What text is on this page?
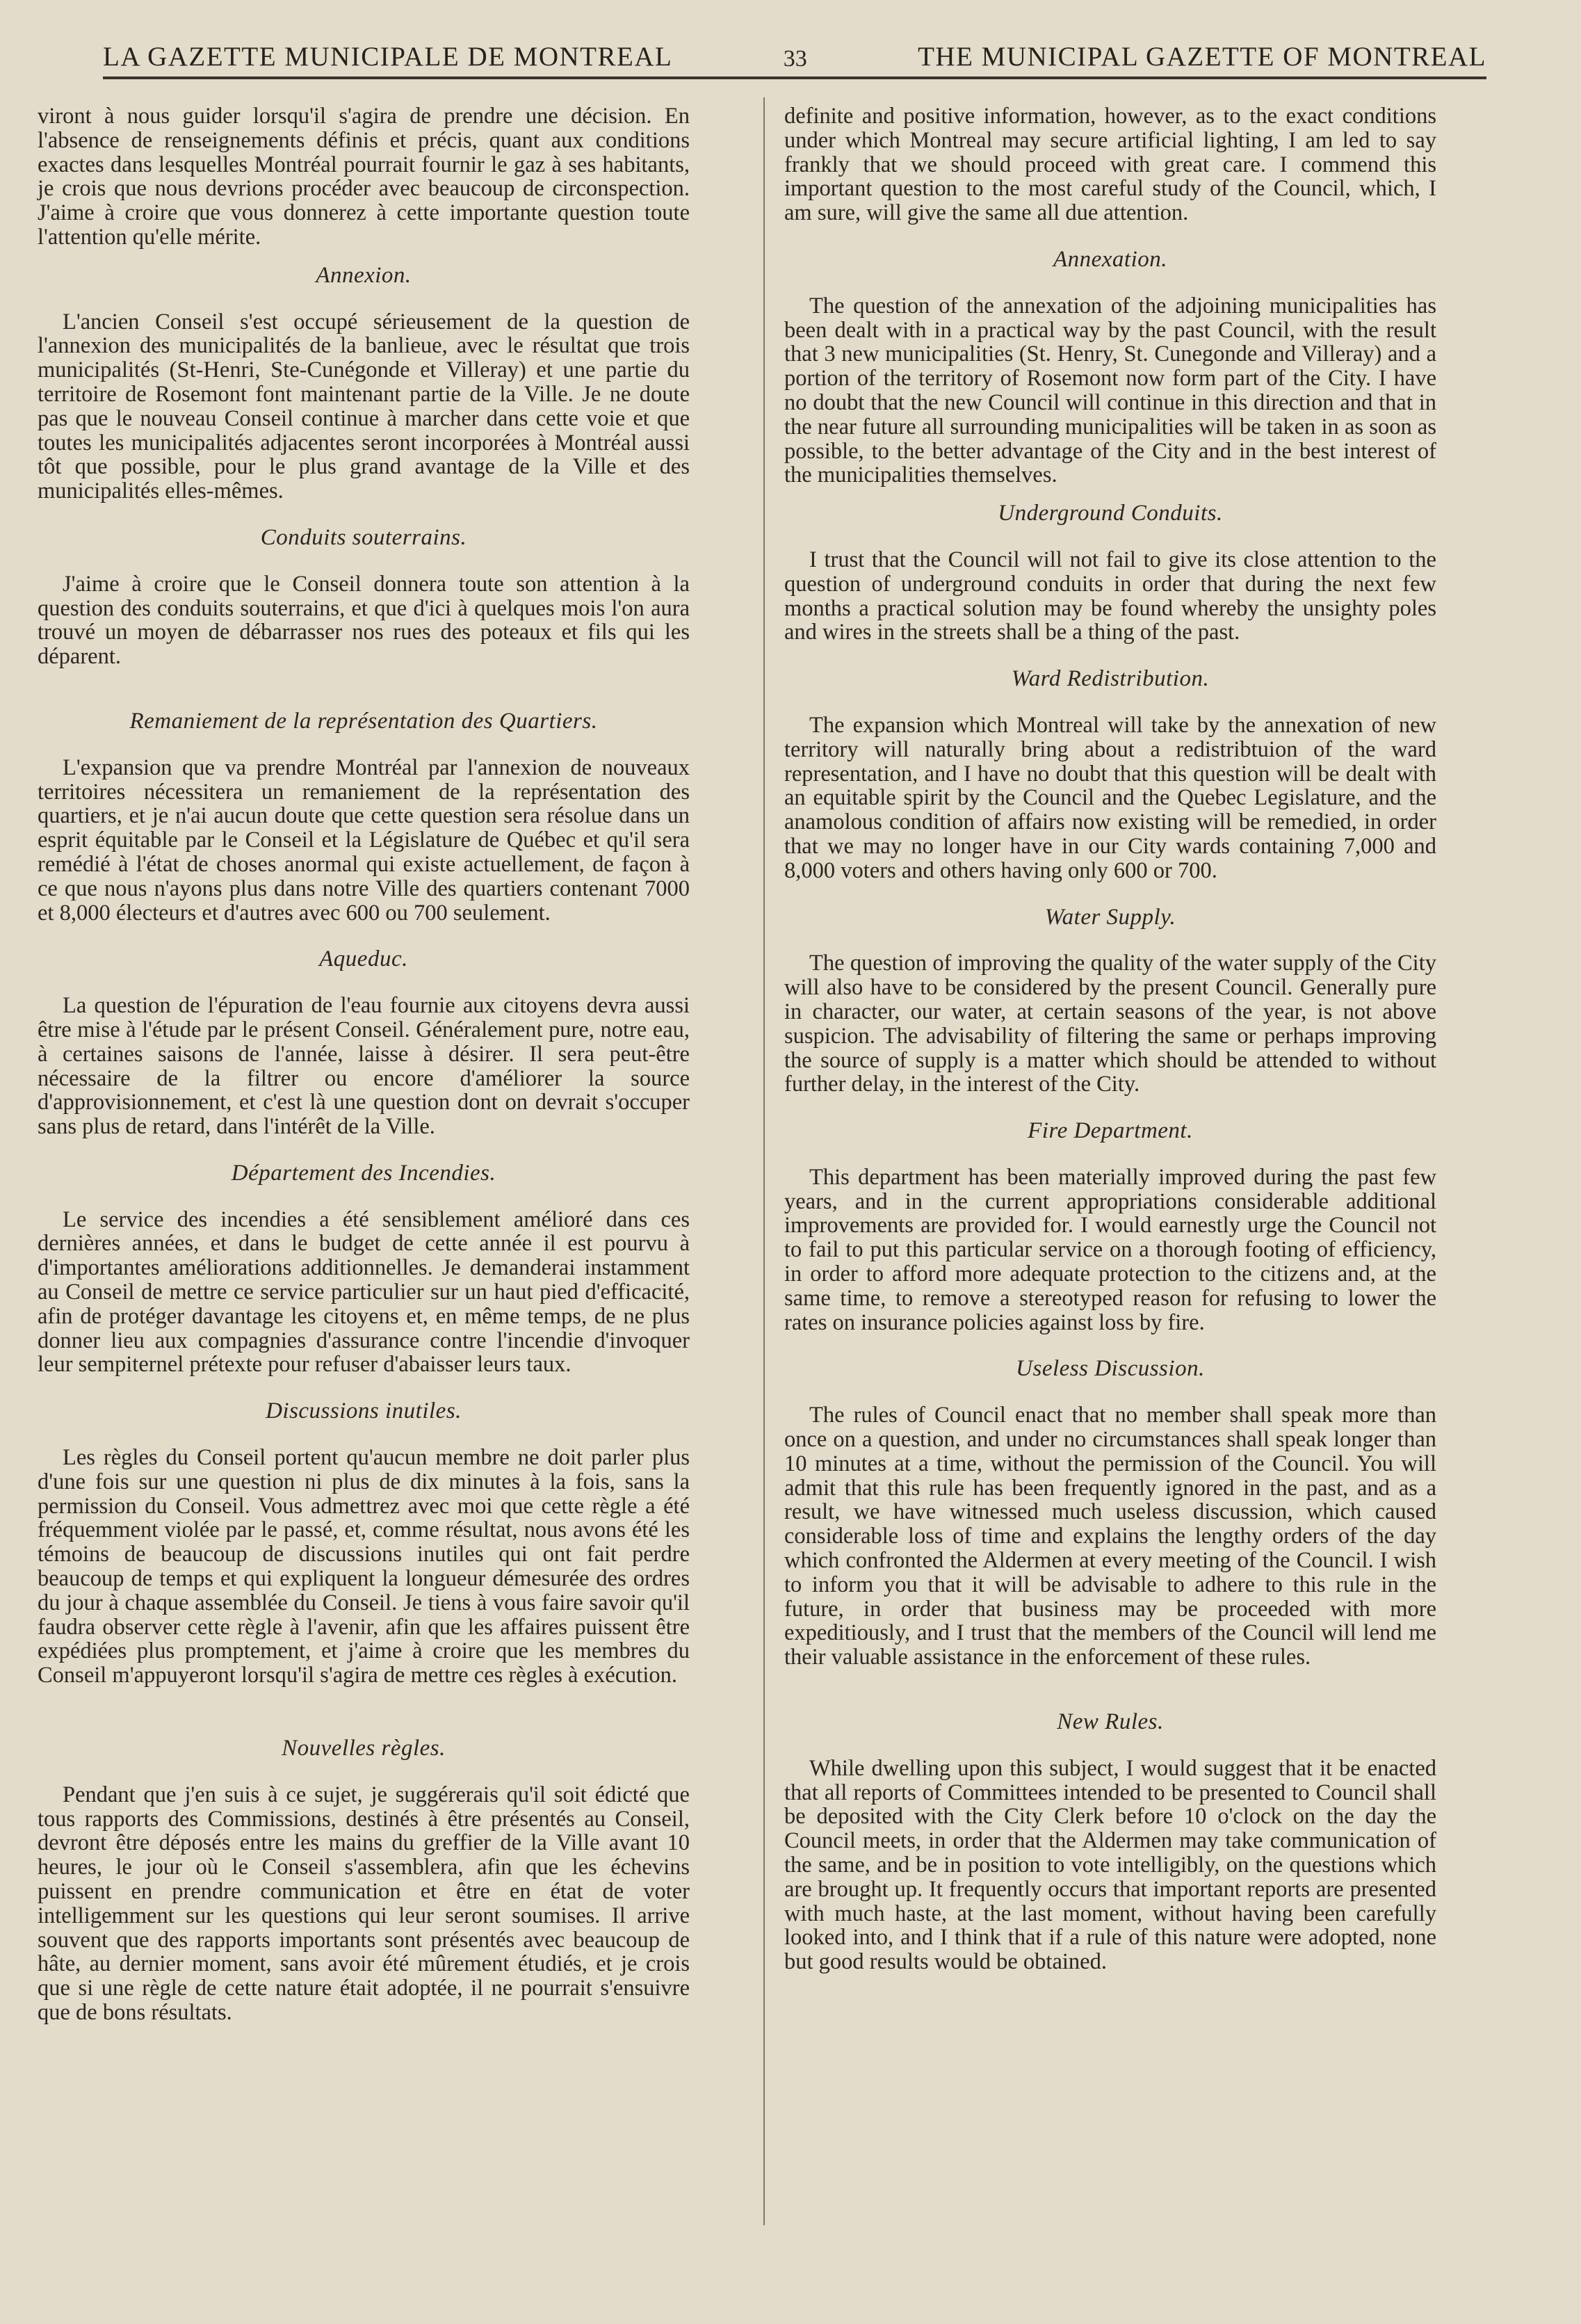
LA GAZETTE MUNICIPALE DE MONTREAL	33	THE MUNICIPAL GAZETTE OF MONTREAL

viront à nous guider lorsqu'il s'agira de prendre une décision. En l'absence de renseignements définis et précis, quant aux conditions exactes dans lesquelles Montréal pourrait fournir le gaz à ses habitants, je crois que nous devrions procéder avec beaucoup de circonspection. J'aime à croire que vous donnerez à cette importante question toute l'attention qu'elle mérite.

Annexion.

L'ancien Conseil s'est occupé sérieusement de la question de l'annexion des municipalités de la banlieue, avec le résultat que trois municipalités (St-Henri, Ste-Cunégonde et Villeray) et une partie du territoire de Rosemont font maintenant partie de la Ville. Je ne doute pas que le nouveau Conseil continue à marcher dans cette voie et que toutes les municipalités adjacentes seront incorporées à Montréal aussi tôt que possible, pour le plus grand avantage de la Ville et des municipalités elles-mêmes.

Conduits souterrains.

J'aime à croire que le Conseil donnera toute son attention à la question des conduits souterrains, et que d'ici à quelques mois l'on aura trouvé un moyen de débarrasser nos rues des poteaux et fils qui les déparent.

Remaniement de la représentation des Quartiers.

L'expansion que va prendre Montréal par l'annexion de nouveaux territoires nécessitera un remaniement de la représentation des quartiers, et je n'ai aucun doute que cette question sera résolue dans un esprit équitable par le Conseil et la Législature de Québec et qu'il sera remédié à l'état de choses anormal qui existe actuellement, de façon à ce que nous n'ayons plus dans notre Ville des quartiers contenant 7000 et 8,000 électeurs et d'autres avec 600 ou 700 seulement.

Aqueduc.

La question de l'épuration de l'eau fournie aux citoyens devra aussi être mise à l'étude par le présent Conseil. Généralement pure, notre eau, à certaines saisons de l'année, laisse à désirer. Il sera peut-être nécessaire de la filtrer ou encore d'améliorer la source d'approvisionnement, et c'est là une question dont on devrait s'occuper sans plus de retard, dans l'intérêt de la Ville.

Département des Incendies.

Le service des incendies a été sensiblement amélioré dans ces dernières années, et dans le budget de cette année il est pourvu à d'importantes améliorations additionnelles. Je demanderai instamment au Conseil de mettre ce service particulier sur un haut pied d'efficacité, afin de protéger davantage les citoyens et, en même temps, de ne plus donner lieu aux compagnies d'assurance contre l'incendie d'invoquer leur sempiternel prétexte pour refuser d'abaisser leurs taux.

Discussions inutiles.

Les règles du Conseil portent qu'aucun membre ne doit parler plus d'une fois sur une question ni plus de dix minutes à la fois, sans la permission du Conseil. Vous admettrez avec moi que cette règle a été fréquemment violée par le passé, et, comme résultat, nous avons été les témoins de beaucoup de discussions inutiles qui ont fait perdre beaucoup de temps et qui expliquent la longueur démesurée des ordres du jour à chaque assemblée du Conseil. Je tiens à vous faire savoir qu'il faudra observer cette règle à l'avenir, afin que les affaires puissent être expédiées plus promptement, et j'aime à croire que les membres du Conseil m'appuyeront lorsqu'il s'agira de mettre ces règles à exécution.

Nouvelles règles.

Pendant que j'en suis à ce sujet, je suggérerais qu'il soit édicté que tous rapports des Commissions, destinés à être présentés au Conseil, devront être déposés entre les mains du greffier de la Ville avant 10 heures, le jour où le Conseil s'assemblera, afin que les échevins puissent en prendre communication et être en état de voter intelligemment sur les questions qui leur seront soumises. Il arrive souvent que des rapports importants sont présentés avec beaucoup de hâte, au dernier moment, sans avoir été mûrement étudiés, et je crois que si une règle de cette nature était adoptée, il ne pourrait s'ensuivre que de bons résultats.

definite and positive information, however, as to the exact conditions under which Montreal may secure artificial lighting, I am led to say frankly that we should proceed with great care. I commend this important question to the most careful study of the Council, which, I am sure, will give the same all due attention.

Annexation.

The question of the annexation of the adjoining municipalities has been dealt with in a practical way by the past Council, with the result that 3 new municipalities (St. Henry, St. Cunegonde and Villeray) and a portion of the territory of Rosemont now form part of the City. I have no doubt that the new Council will continue in this direction and that in the near future all surrounding municipalities will be taken in as soon as possible, to the better advantage of the City and in the best interest of the municipalities themselves.

Underground Conduits.

I trust that the Council will not fail to give its close attention to the question of underground conduits in order that during the next few months a practical solution may be found whereby the unsighty poles and wires in the streets shall be a thing of the past.

Ward Redistribution.

The expansion which Montreal will take by the annexation of new territory will naturally bring about a redistribtuion of the ward representation, and I have no doubt that this question will be dealt with an equitable spirit by the Council and the Quebec Legislature, and the anamolous condition of affairs now existing will be remedied, in order that we may no longer have in our City wards containing 7,000 and 8,000 voters and others having only 600 or 700.

Water Supply.

The question of improving the quality of the water supply of the City will also have to be considered by the present Council. Generally pure in character, our water, at certain seasons of the year, is not above suspicion. The advisability of filtering the same or perhaps improving the source of supply is a matter which should be attended to without further delay, in the interest of the City.

Fire Department.

This department has been materially improved during the past few years, and in the current appropriations considerable additional improvements are provided for. I would earnestly urge the Council not to fail to put this particular service on a thorough footing of efficiency, in order to afford more adequate protection to the citizens and, at the same time, to remove a stereotyped reason for refusing to lower the rates on insurance policies against loss by fire.

Useless Discussion.

The rules of Council enact that no member shall speak more than once on a question, and under no circumstances shall speak longer than 10 minutes at a time, without the permission of the Council. You will admit that this rule has been frequently ignored in the past, and as a result, we have witnessed much useless discussion, which caused considerable loss of time and explains the lengthy orders of the day which confronted the Aldermen at every meeting of the Council. I wish to inform you that it will be advisable to adhere to this rule in the future, in order that business may be proceeded with more expeditiously, and I trust that the members of the Council will lend me their valuable assistance in the enforcement of these rules.

New Rules.

While dwelling upon this subject, I would suggest that it be enacted that all reports of Committees intended to be presented to Council shall be deposited with the City Clerk before 10 o'clock on the day the Council meets, in order that the Aldermen may take communication of the same, and be in position to vote intelligibly, on the questions which are brought up. It frequently occurs that important reports are presented with much haste, at the last moment, without having been carefully looked into, and I think that if a rule of this nature were adopted, none but good results would be obtained.
